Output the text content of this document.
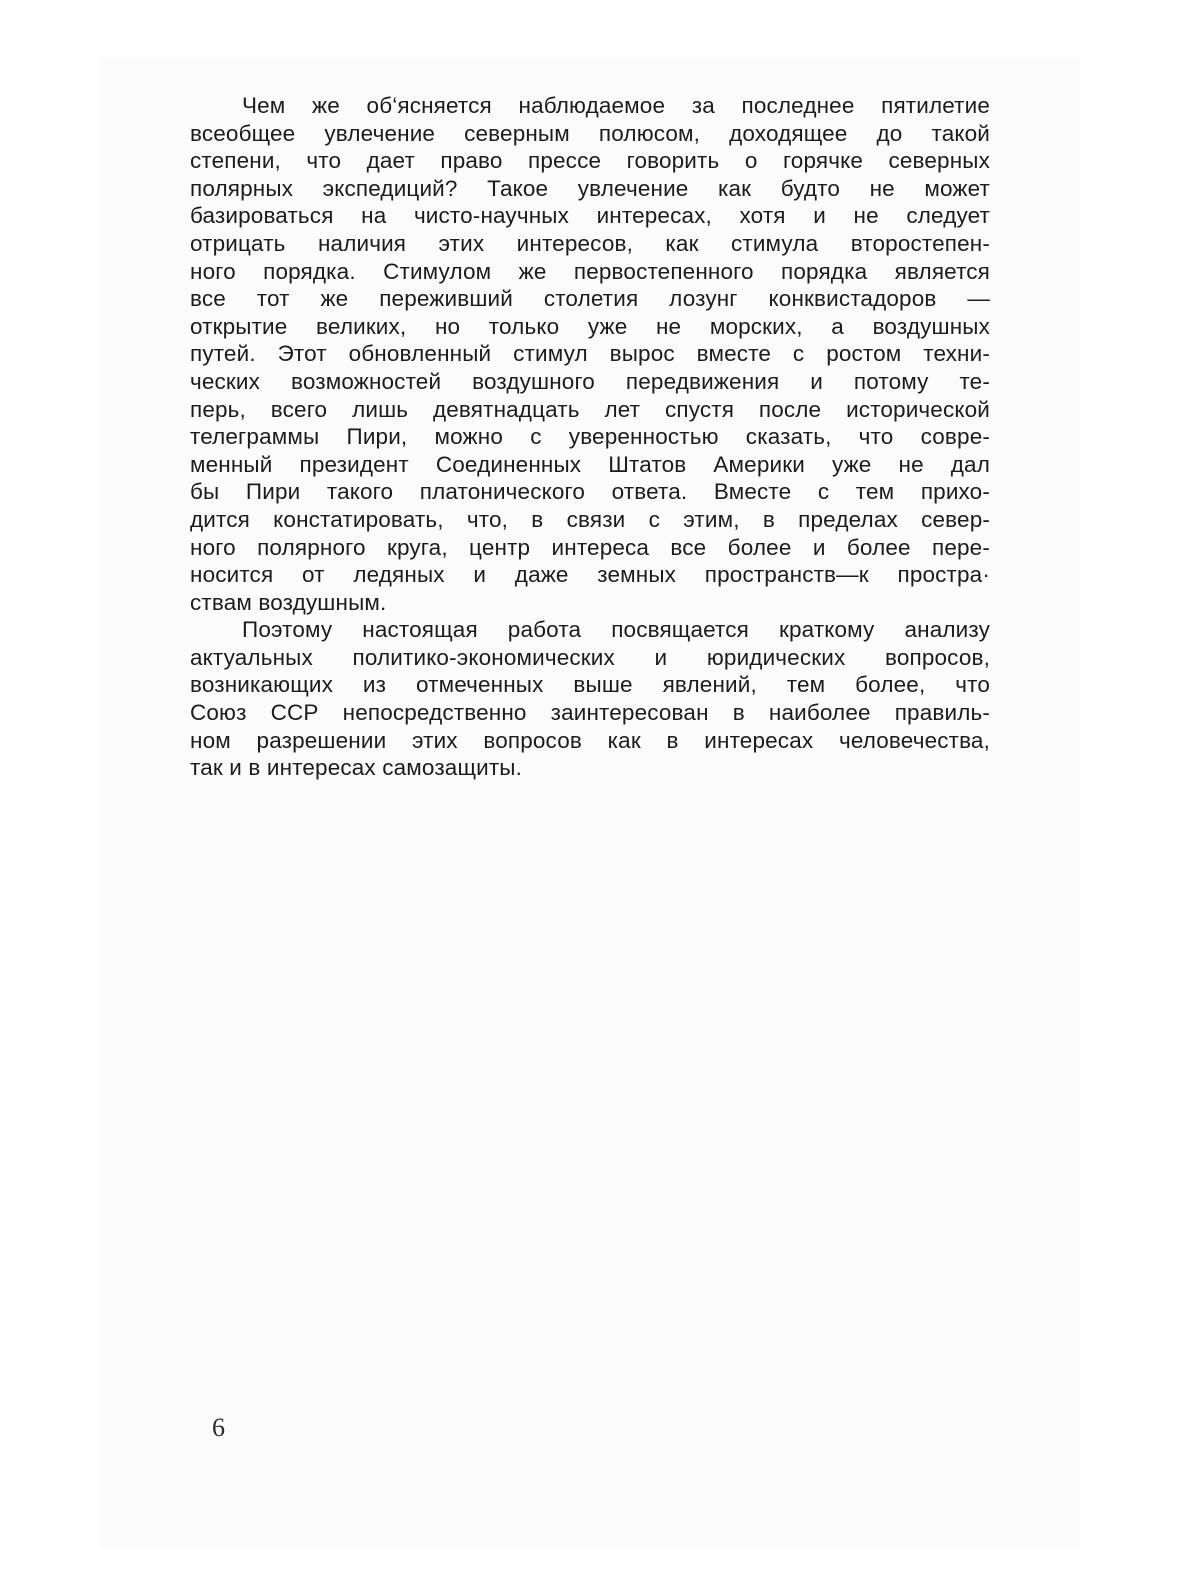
Чем же об‘ясняется наблюдаемое за последнее пятилетие
всеобщее увлечение северным полюсом, доходящее до такой
степени, что дает право прессе говорить о горячке северных
полярных экспедиций? Такое увлечение как будто не может
базироваться на чисто-научных интересах, хотя и не следует
отрицать наличия этих интересов, как стимула второстепен-
ного порядка. Стимулом же первостепенного порядка является
все тот же переживший столетия лозунг конквистадоров —
открытие великих, но только уже не морских, а воздушных
путей. Этот обновленный стимул вырос вместе с ростом техни-
ческих возможностей воздушного передвижения и потому те-
перь, всего лишь девятнадцать лет спустя после исторической
телеграммы Пири, можно с уверенностью сказать, что совре-
менный президент Соединенных Штатов Америки уже не дал
бы Пири такого платонического ответа. Вместе с тем прихо-
дится констатировать, что, в связи с этим, в пределах север-
ного полярного круга, центр интереса все более и более пере-
носится от ледяных и даже земных пространств—к простра·
ствам воздушным.

Поэтому настоящая работа посвящается краткому анализу
актуальных политико-экономических и юридических вопросов,
возникающих из отмеченных выше явлений, тем более, что
Союз ССР непосредственно заинтересован в наиболее правиль-
ном разрешении этих вопросов как в интересах человечества,
так и в интересах самозащиты.

6
